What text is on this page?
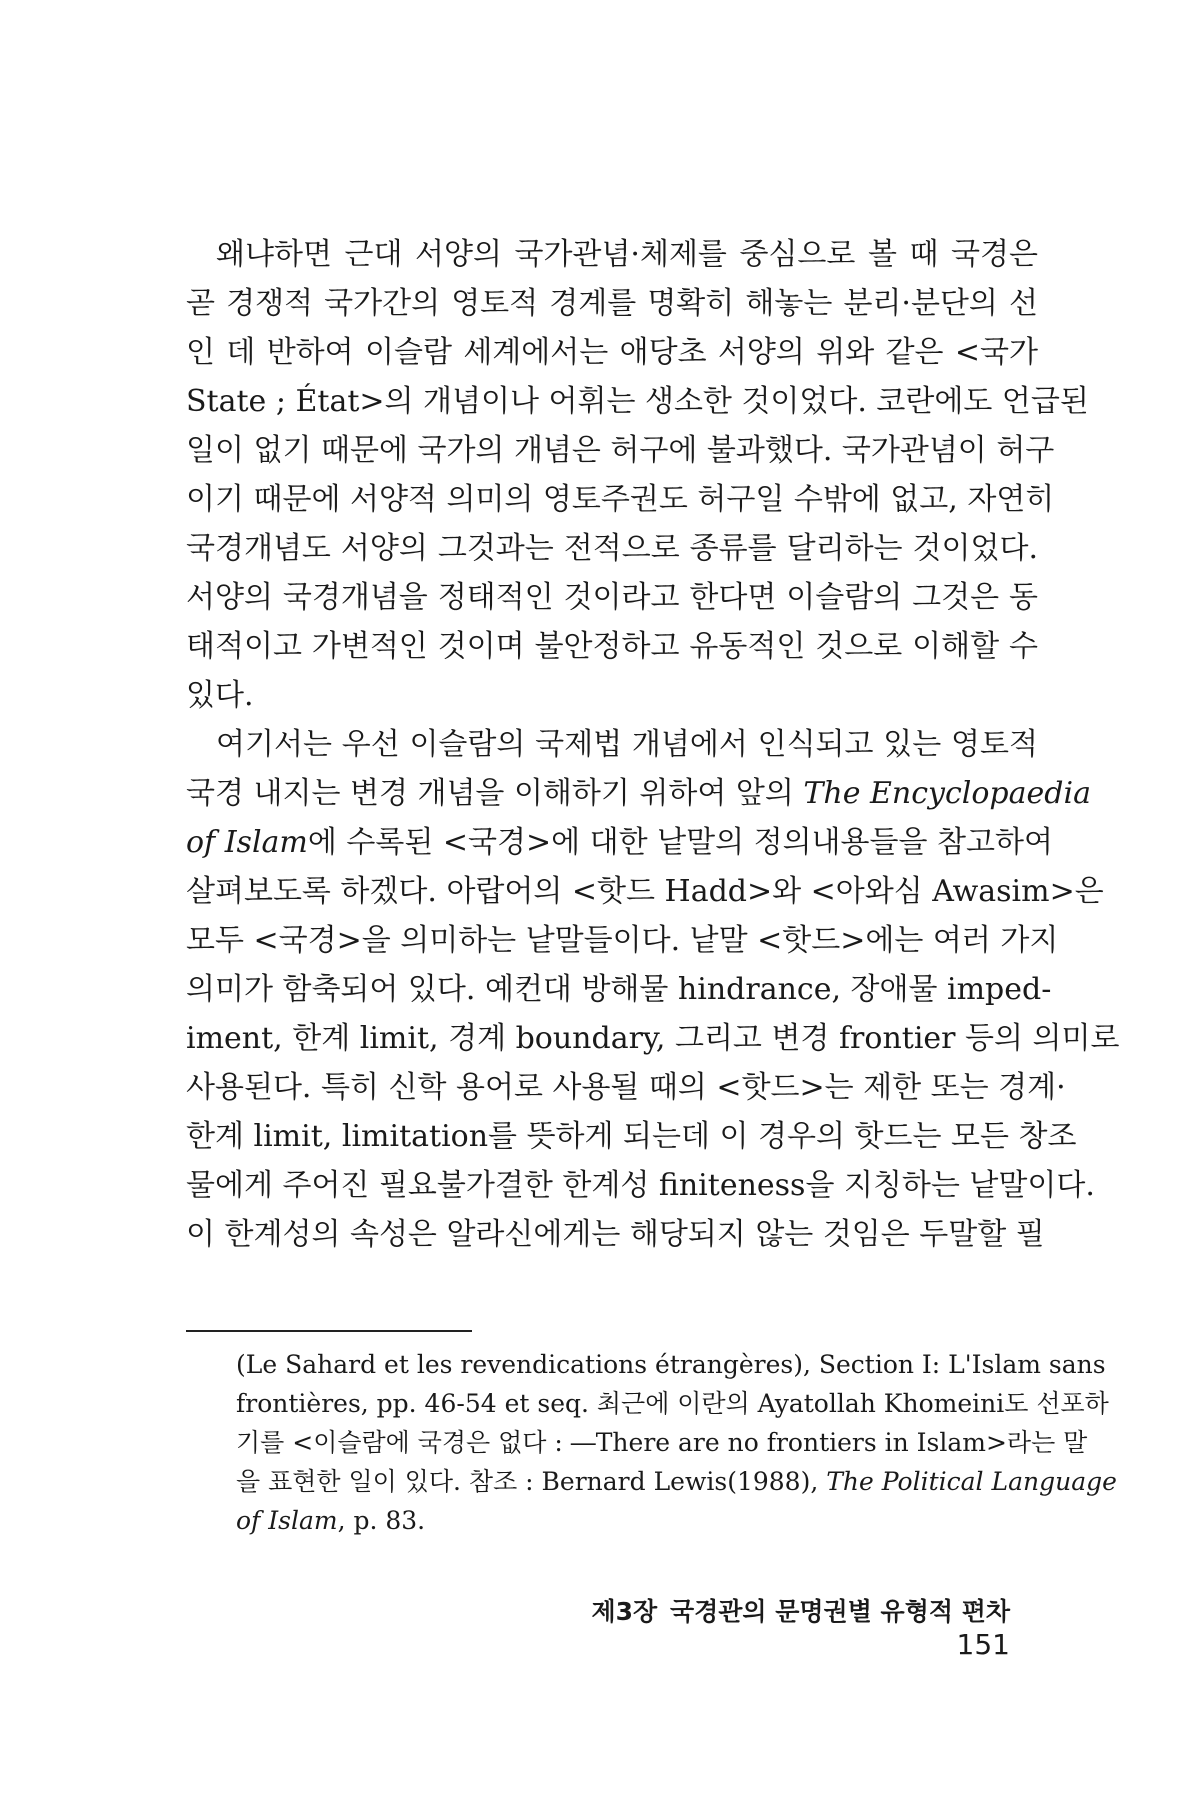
왜냐하면 근대 서양의 국가관념·체제를 중심으로 볼 때 국경은
곧 경쟁적 국가간의 영토적 경계를 명확히 해놓는 분리·분단의 선
인 데 반하여 이슬람 세계에서는 애당초 서양의 위와 같은 <국가
State ; État>의 개념이나 어휘는 생소한 것이었다. 코란에도 언급된
일이 없기 때문에 국가의 개념은 허구에 불과했다. 국가관념이 허구
이기 때문에 서양적 의미의 영토주권도 허구일 수밖에 없고, 자연히
국경개념도 서양의 그것과는 전적으로 종류를 달리하는 것이었다.
서양의 국경개념을 정태적인 것이라고 한다면 이슬람의 그것은 동
태적이고 가변적인 것이며 불안정하고 유동적인 것으로 이해할 수
있다.
여기서는 우선 이슬람의 국제법 개념에서 인식되고 있는 영토적
국경 내지는 변경 개념을 이해하기 위하여 앞의 The Encyclopaedia
of Islam에 수록된 <국경>에 대한 낱말의 정의내용들을 참고하여
살펴보도록 하겠다. 아랍어의 <핫드 Hadd>와 <아와심 Awasim>은
모두 <국경>을 의미하는 낱말들이다. 낱말 <핫드>에는 여러 가지
의미가 함축되어 있다. 예컨대 방해물 hindrance, 장애물 imped-
iment, 한계 limit, 경계 boundary, 그리고 변경 frontier 등의 의미로
사용된다. 특히 신학 용어로 사용될 때의 <핫드>는 제한 또는 경계·
한계 limit, limitation를 뜻하게 되는데 이 경우의 핫드는 모든 창조
물에게 주어진 필요불가결한 한계성 finiteness을 지칭하는 낱말이다.
이 한계성의 속성은 알라신에게는 해당되지 않는 것임은 두말할 필
(Le Sahard et les revendications étrangères), Section Ⅰ: L'Islam sans
frontières, pp. 46-54 et seq. 최근에 이란의 Ayatollah Khomeini도 선포하
기를 <이슬람에 국경은 없다 : ―There are no frontiers in Islam>라는 말
을 표현한 일이 있다. 참조 : Bernard Lewis(1988), The Political Language
of Islam, p. 83.
제3장 국경관의 문명권별 유형적 편차 151
